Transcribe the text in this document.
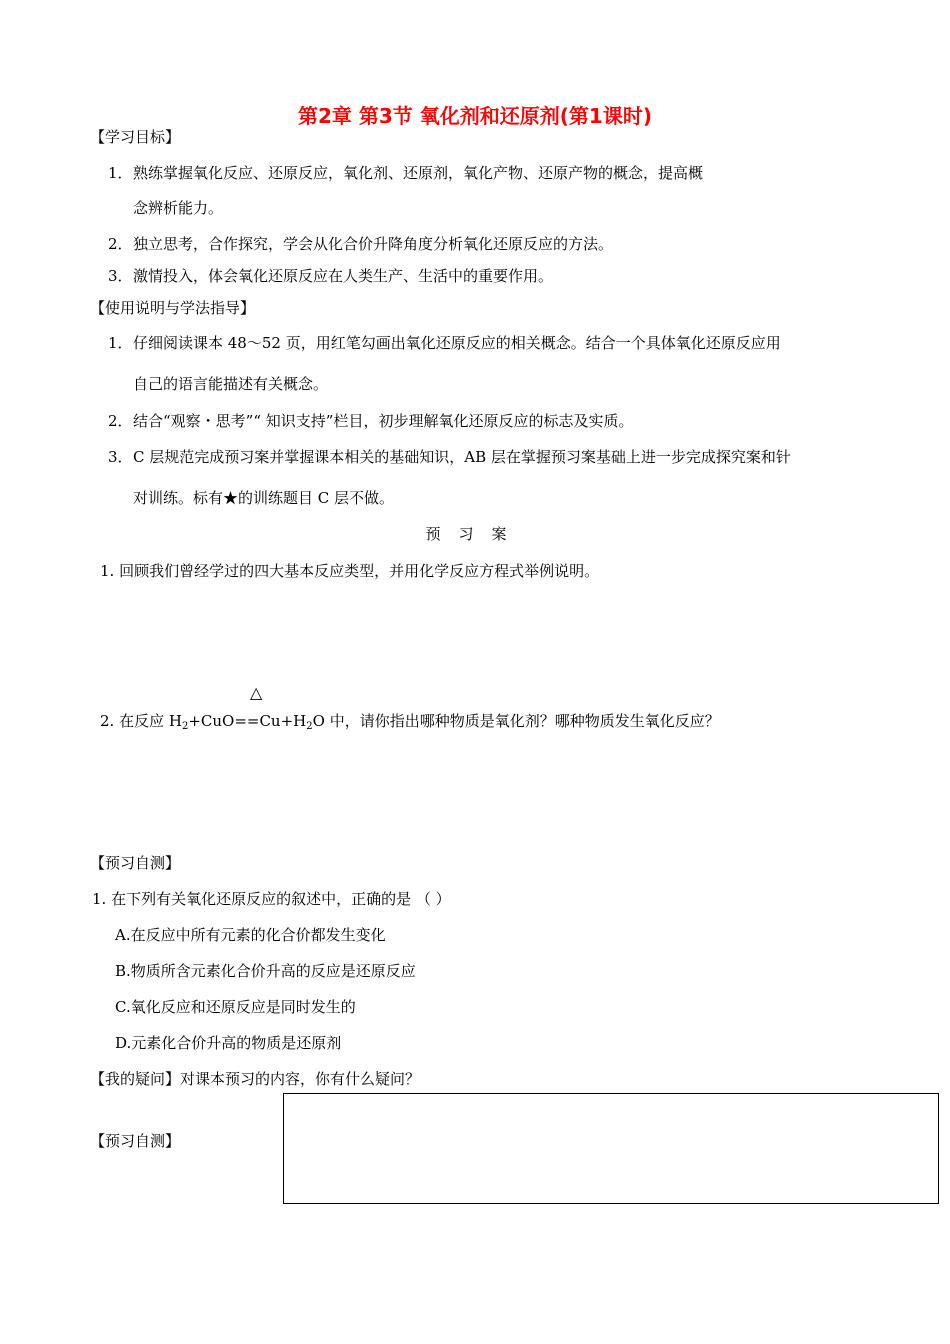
第2章 第3节 氧化剂和还原剂(第1课时)
【学习目标】
1． 熟练掌握氧化反应、还原反应，氧化剂、还原剂，氧化产物、还原产物的概念，提高概
念辨析能力。
2． 独立思考，合作探究，学会从化合价升降角度分析氧化还原反应的方法。
3． 激情投入，体会氧化还原反应在人类生产、生活中的重要作用。
【使用说明与学法指导】
1． 仔细阅读课本 48～52 页，用红笔勾画出氧化还原反应的相关概念。结合一个具体氧化还原反应用
自己的语言能描述有关概念。
2． 结合“观察・思考”“ 知识支持”栏目，初步理解氧化还原反应的标志及实质。
3． C 层规范完成预习案并掌握课本相关的基础知识，AB 层在掌握预习案基础上进一步完成探究案和针
对训练。标有★的训练题目 C 层不做。
预习案
1. 回顾我们曾经学过的四大基本反应类型，并用化学反应方程式举例说明。
△
2. 在反应 $H_2+CuO==Cu+H_2O$ 中，请你指出哪种物质是氧化剂？哪种物质发生氧化反应？
【预习自测】
1. 在下列有关氧化还原反应的叙述中，正确的是 （ ）
A.在反应中所有元素的化合价都发生变化
B.物质所含元素化合价升高的反应是还原反应
C.氧化反应和还原反应是同时发生的
D.元素化合价升高的物质是还原剂
【我的疑问】对课本预习的内容，你有什么疑问？
【预习自测】
